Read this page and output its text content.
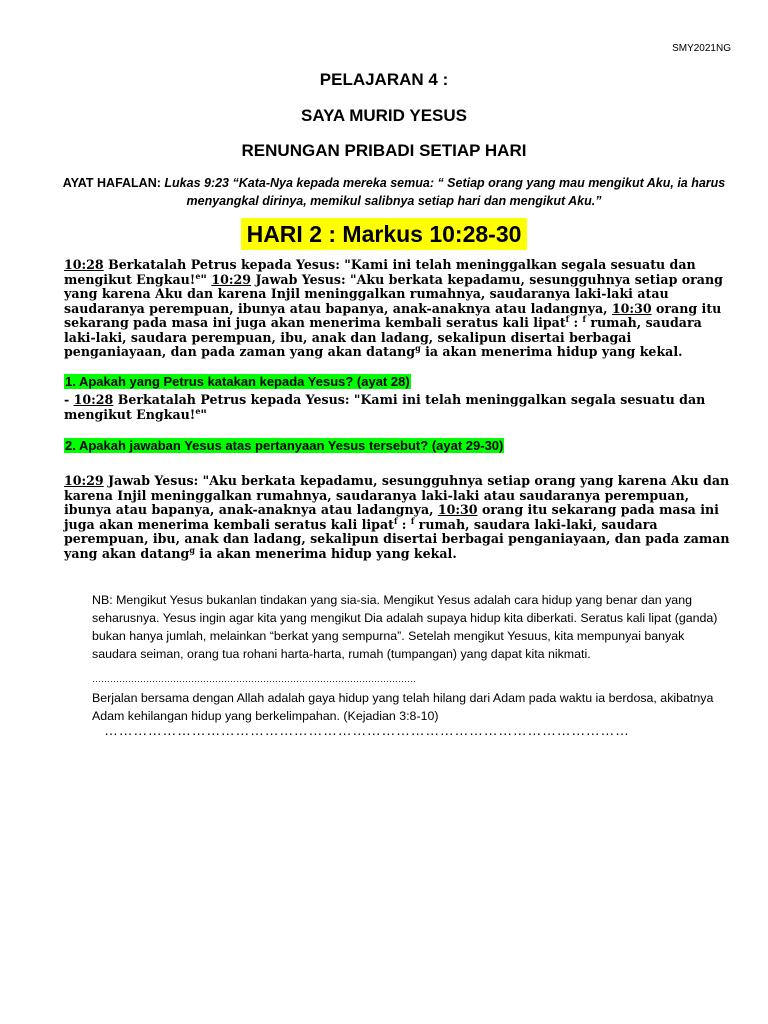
SMY2021NG
PELAJARAN 4 :
SAYA MURID YESUS
RENUNGAN PRIBADI SETIAP HARI
AYAT HAFALAN: Lukas 9:23 “Kata-Nya kepada mereka semua: “ Setiap orang yang mau mengikut Aku, ia harus menyangkal dirinya, memikul salibnya setiap hari dan mengikut Aku.”
HARI 2 : Markus 10:28-30
10:28 Berkatalah Petrus kepada Yesus: "Kami ini telah meninggalkan segala sesuatu dan mengikut Engkau!$^e$" 10:29 Jawab Yesus: "Aku berkata kepadamu, sesungguhnya setiap orang yang karena Aku dan karena Injil meninggalkan rumahnya, saudaranya laki-laki atau saudaranya perempuan, ibunya atau bapanya, anak-anaknya atau ladangnya, 10:30 orang itu sekarang pada masa ini juga akan menerima kembali seratus kali lipat$^f$ : $^f$ rumah, saudara laki-laki, saudara perempuan, ibu, anak dan ladang, sekalipun disertai berbagai penganiayaan, dan pada zaman yang akan datang$^g$ ia akan menerima hidup yang kekal.
1. Apakah yang Petrus katakan kepada Yesus? (ayat 28)
- 10:28 Berkatalah Petrus kepada Yesus: "Kami ini telah meninggalkan segala sesuatu dan mengikut Engkau!$^e$"
2. Apakah jawaban Yesus atas pertanyaan Yesus tersebut? (ayat 29-30)
10:29 Jawab Yesus: "Aku berkata kepadamu, sesungguhnya setiap orang yang karena Aku dan karena Injil meninggalkan rumahnya, saudaranya laki-laki atau saudaranya perempuan, ibunya atau bapanya, anak-anaknya atau ladangnya, 10:30 orang itu sekarang pada masa ini juga akan menerima kembali seratus kali lipat$^f$ : $^f$ rumah, saudara laki-laki, saudara perempuan, ibu, anak dan ladang, sekalipun disertai berbagai penganiayaan, dan pada zaman yang akan datang$^g$ ia akan menerima hidup yang kekal.
NB: Mengikut Yesus bukanlan tindakan yang sia-sia. Mengikut Yesus adalah cara hidup yang benar dan yang seharusnya. Yesus ingin agar kita yang mengikut Dia adalah supaya hidup kita diberkati. Seratus kali lipat (ganda) bukan hanya jumlah, melainkan “berkat yang sempurna”. Setelah mengikut Yesuus, kita mempunyai banyak saudara seiman, orang tua rohani harta-harta, rumah (tumpangan) yang dapat kita nikmati.
………………………………………………………………………………………………
Berjalan bersama dengan Allah adalah gaya hidup yang telah hilang dari Adam pada waktu ia berdosa, akibatnya Adam kehilangan hidup yang berkelimpahan. (Kejadian 3:8-10)
………………………………………………………………………………………………
